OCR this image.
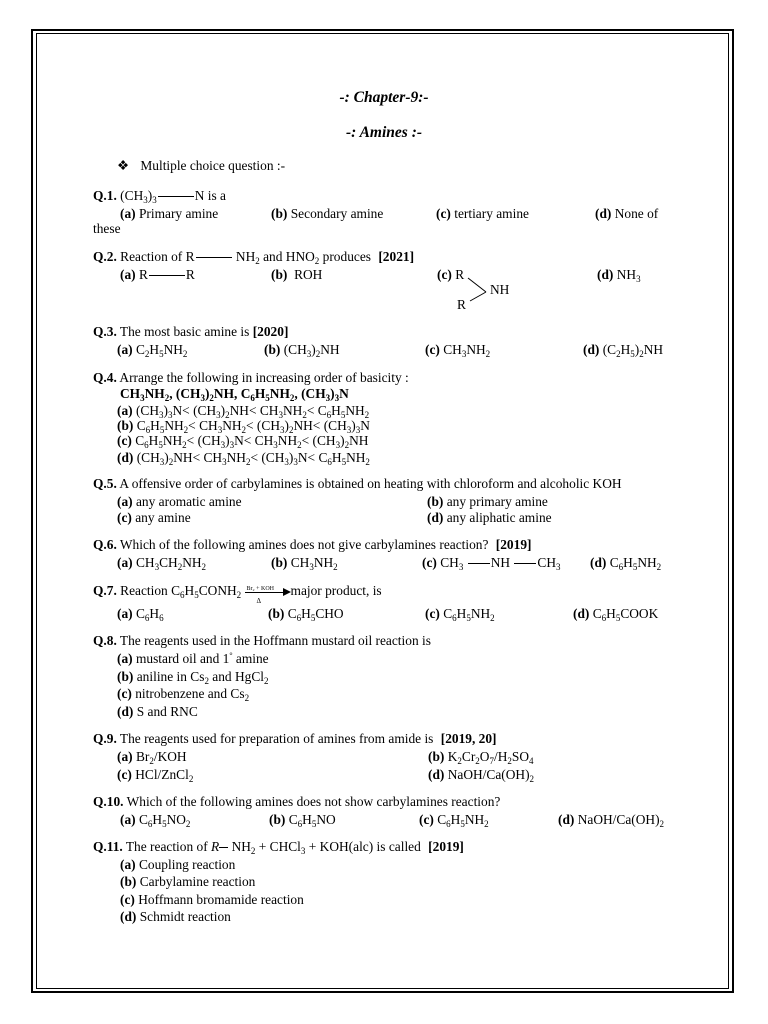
-: Chapter-9:-
-: Amines :-
❖ Multiple choice question :-
Q.1. $(CH_3)_3$	N is a
(a) Primary amine	(b) Secondary amine	(c) tertiary amine	(d) None of
these
Q.2. Reaction of R	$NH_2$ and $HNO_2$ produces [2021]
(a) R	R	(b) ROH	(c) R
NH
R
(d) $NH_3$
Q.3. The most basic amine is [2020]
(a) $C_2H_5NH_2$	(b) $(CH_3)_2NH$	(c) $CH_3NH_2$	(d) $(C_2H_5)_2NH$
Q.4. Arrange the following in increasing order of basicity :
$CH_3NH_2$, $(CH_3)_2NH$, $C_6H_5NH_2$, $(CH_3)_3N$
(a) $(CH_3)_3N< (CH_3)_2NH< CH_3NH_2< C_6H_5NH_2$
(b) $C_6H_5NH_2< CH_3NH_2< (CH_3)_2NH< (CH_3)_3N$
(c) $C_6H_5NH_2< (CH_3)_3N< CH_3NH_2< (CH_3)_2NH$
(d) $(CH_3)_2NH< CH_3NH_2< (CH_3)_3N< C_6H_5NH_2$
Q.5. A offensive order of carbylamines is obtained on heating with chloroform and alcoholic KOH
(a) any aromatic amine	(b) any primary amine
(c) any amine	(d) any aliphatic amine
Q.6. Which of the following amines does not give carbylamines reaction? [2019]
(a) $CH_3CH_2NH_2$	(b) $CH_3NH_2$	(c) $CH_3$ NH $CH_3$ (d) $C_6H_5NH_2$
Q.7. Reaction $C_6H_5CONH_2$
Br₂ + KOH
Δ
major product, is
(a) $C_6H_6$	(b) $C_6H_5CHO$	(c) $C_6H_5NH_2$	(d) $C_6H_5COOK$
Q.8. The reagents used in the Hoffmann mustard oil reaction is
(a) mustard oil and 1° amine
(b) aniline in $Cs_2$ and HgCl$_2$
(c) nitrobenzene and $Cs_2$
(d) S and RNC
Q.9. The reagents used for preparation of amines from amide is [2019, 20]
(a) $Br_2$/KOH	(b) $K_2Cr_2O_7/H_2SO_4$
(c) HCl/ZnCl$_2$	(d) NaOH/$Ca(OH)_2$
Q.10. Which of the following amines does not show carbylamines reaction?
(a) $C_6H_5NO_2$	(b) $C_6H_5NO$	(c) $C_6H_5NH_2$	(d) NaOH/$Ca(OH)_2$
Q.11. The reaction of R $NH_2$ + CHCl$_3$ + KOH(alc) is called [2019]
(a) Coupling reaction
(b) Carbylamine reaction
(c) Hoffmann bromamide reaction
(d) Schmidt reaction
